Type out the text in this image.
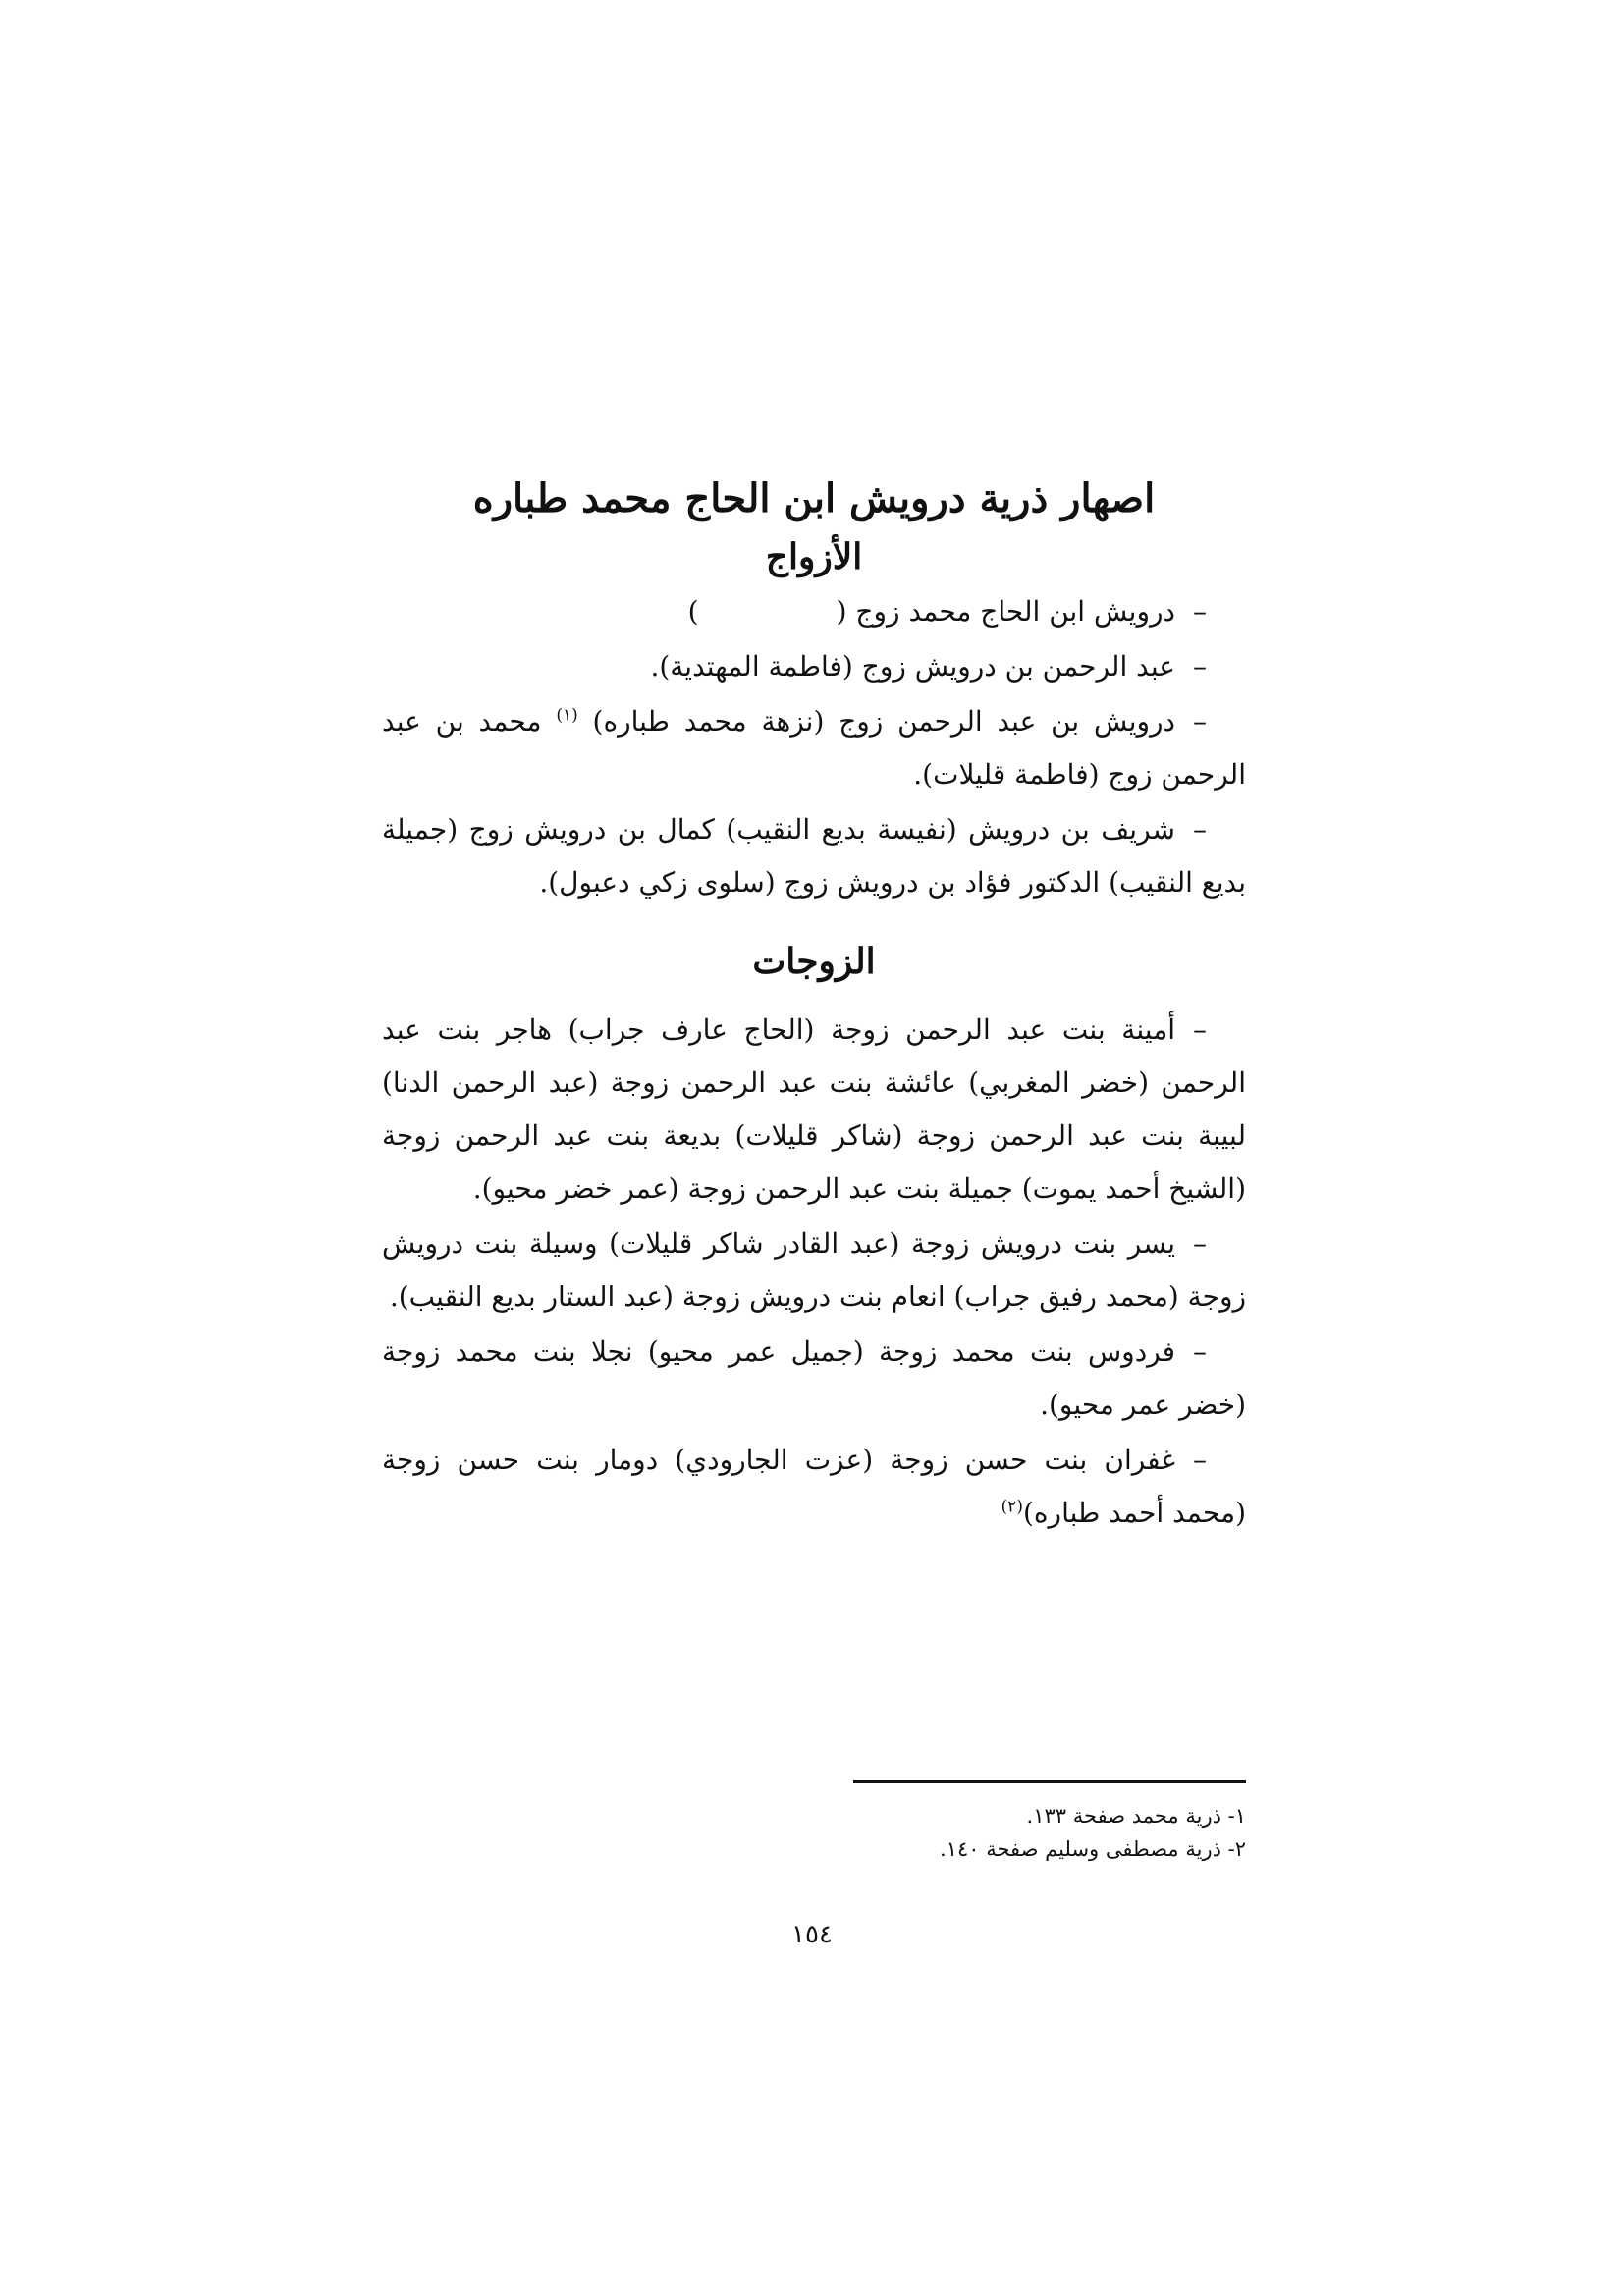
اصهار ذرية درويش ابن الحاج محمد طباره
الأزواج
–درويش ابن الحاج محمد زوج ()
–عبد الرحمن بن درويش زوج (فاطمة المهتدية).
–درويش بن عبد الرحمن زوج (نزهة محمد طباره) $^{(١)}$ محمد بن عبد الرحمن زوج (فاطمة قليلات).
–شريف بن درويش (نفيسة بديع النقيب) كمال بن درويش زوج (جميلة بديع النقيب) الدكتور فؤاد بن درويش زوج (سلوى زكي دعبول).
الزوجات
–أمينة بنت عبد الرحمن زوجة (الحاج عارف جراب) هاجر بنت عبد الرحمن (خضر المغربي) عائشة بنت عبد الرحمن زوجة (عبد الرحمن الدنا) لبيبة بنت عبد الرحمن زوجة (شاكر قليلات) بديعة بنت عبد الرحمن زوجة (الشيخ أحمد يموت) جميلة بنت عبد الرحمن زوجة (عمر خضر محيو).
–يسر بنت درويش زوجة (عبد القادر شاكر قليلات) وسيلة بنت درويش زوجة (محمد رفيق جراب) انعام بنت درويش زوجة (عبد الستار بديع النقيب).
–فردوس بنت محمد زوجة (جميل عمر محيو) نجلا بنت محمد زوجة (خضر عمر محيو).
–غفران بنت حسن زوجة (عزت الجارودي) دومار بنت حسن زوجة (محمد أحمد طباره)$^{(٢)}$

١- ذرية محمد صفحة ١٣٣.

٢- ذرية مصطفى وسليم صفحة ١٤٠.

١٥٤
